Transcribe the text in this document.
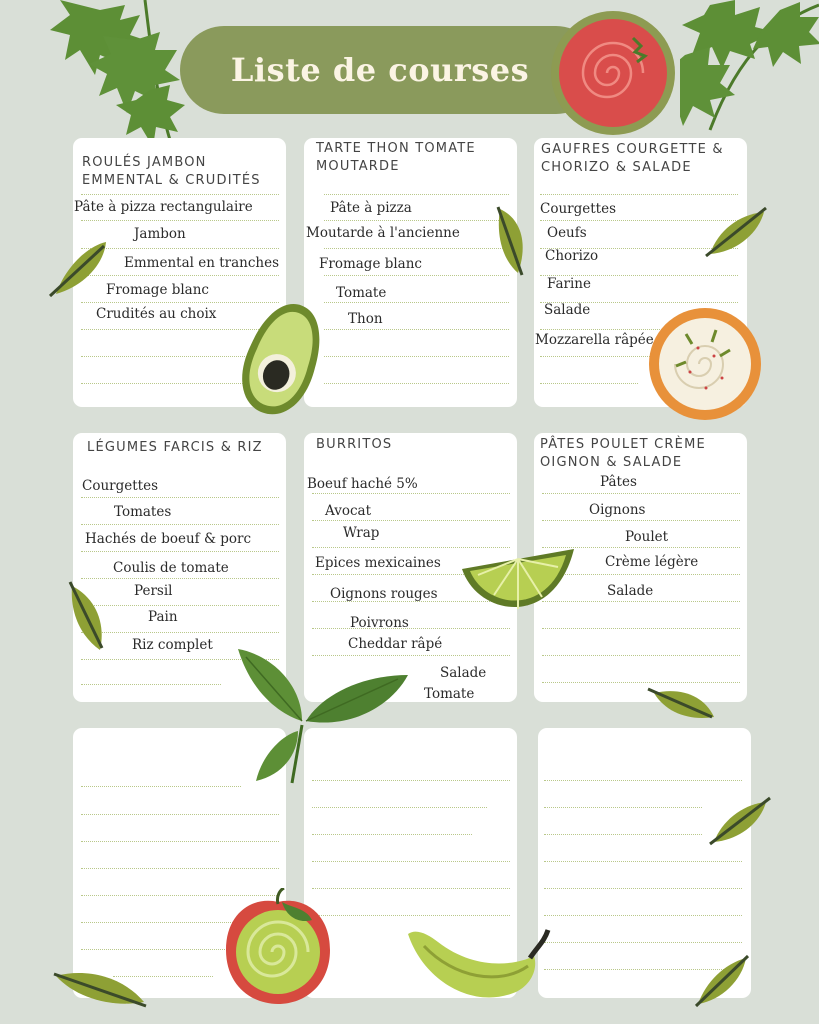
Liste de courses
ROULÉS JAMBON EMMENTAL & CRUDITÉS
Pâte à pizza rectangulaire
Jambon
Emmental en tranches
Fromage blanc
Crudités au choix
TARTE THON TOMATE MOUTARDE
Pâte à pizza
Moutarde à l'ancienne
Fromage blanc
Tomate
Thon
GAUFRES COURGETTE & CHORIZO & SALADE
Courgettes
Oeufs
Chorizo
Farine
Salade
Mozzarella râpée
LÉGUMES FARCIS & RIZ
Courgettes
Tomates
Hachés de boeuf & porc
Coulis de tomate
Persil
Pain
Riz complet
BURRITOS
Boeuf haché 5%
Avocat
Wrap
Epices mexicaines
Oignons rouges
Poivrons
Cheddar râpé
Salade
Tomate
PÂTES POULET CRÈME OIGNON & SALADE
Pâtes
Oignons
Poulet
Crème légère
Salade
